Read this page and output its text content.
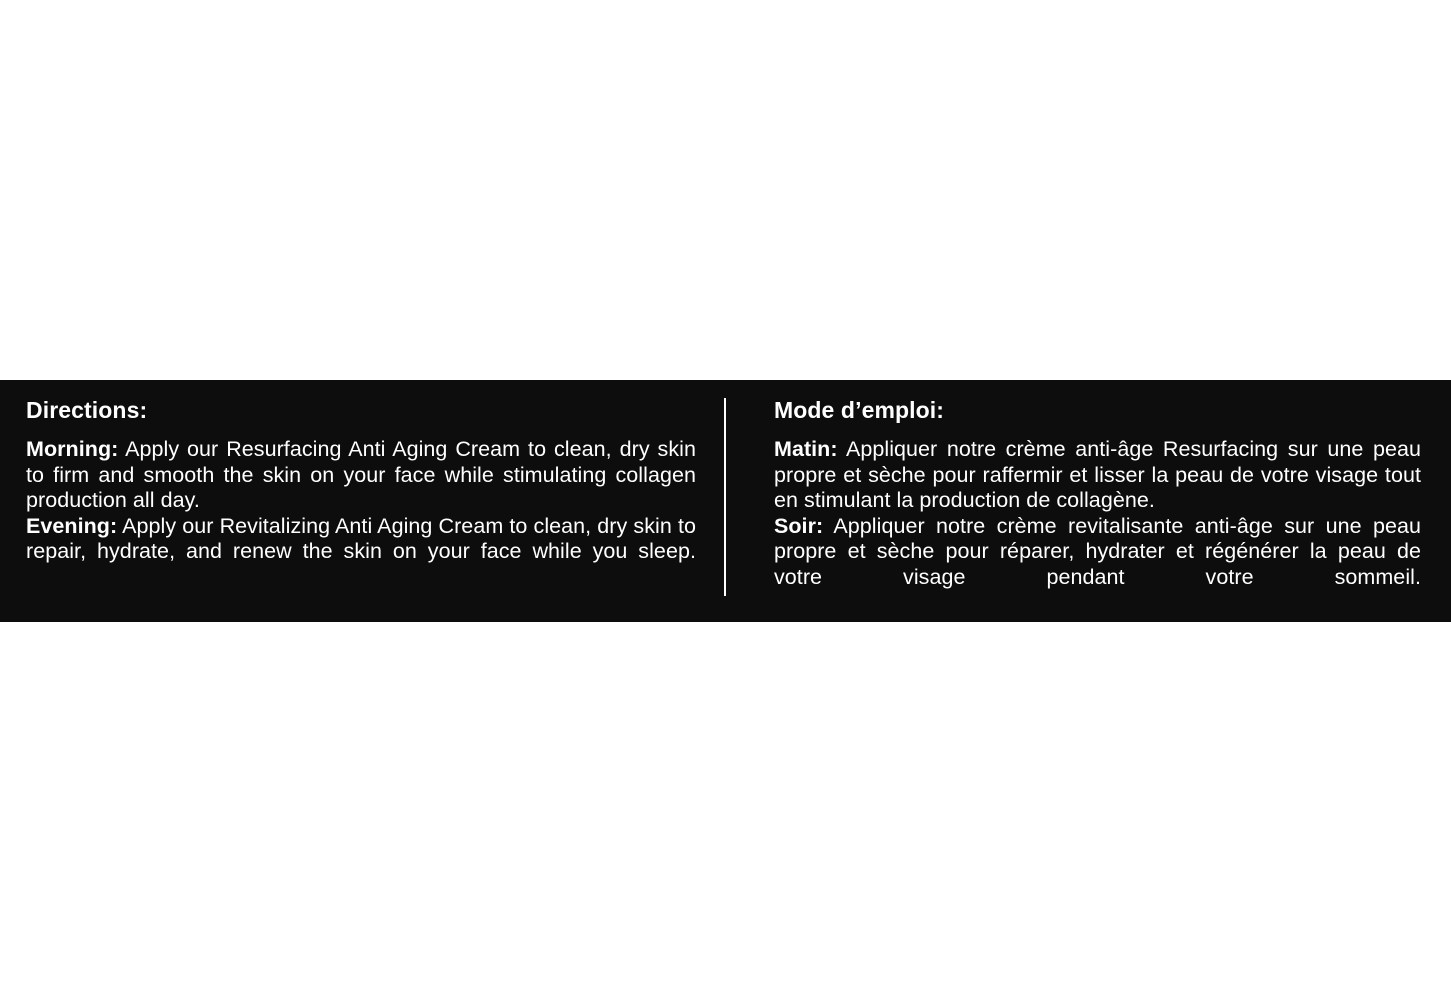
Directions:

Morning: Apply our Resurfacing Anti Aging Cream to clean, dry skin to firm and smooth the skin on your face while stimulating collagen production all day.
Evening: Apply our Revitalizing Anti Aging Cream to clean, dry skin to repair, hydrate, and renew the skin on your face while you sleep.

Mode d’emploi:

Matin: Appliquer notre crème anti-âge Resurfacing sur une peau propre et sèche pour raffermir et lisser la peau de votre visage tout en stimulant la production de collagène.
Soir: Appliquer notre crème revitalisante anti-âge sur une peau propre et sèche pour réparer, hydrater et régénérer la peau de votre visage pendant votre sommeil.
